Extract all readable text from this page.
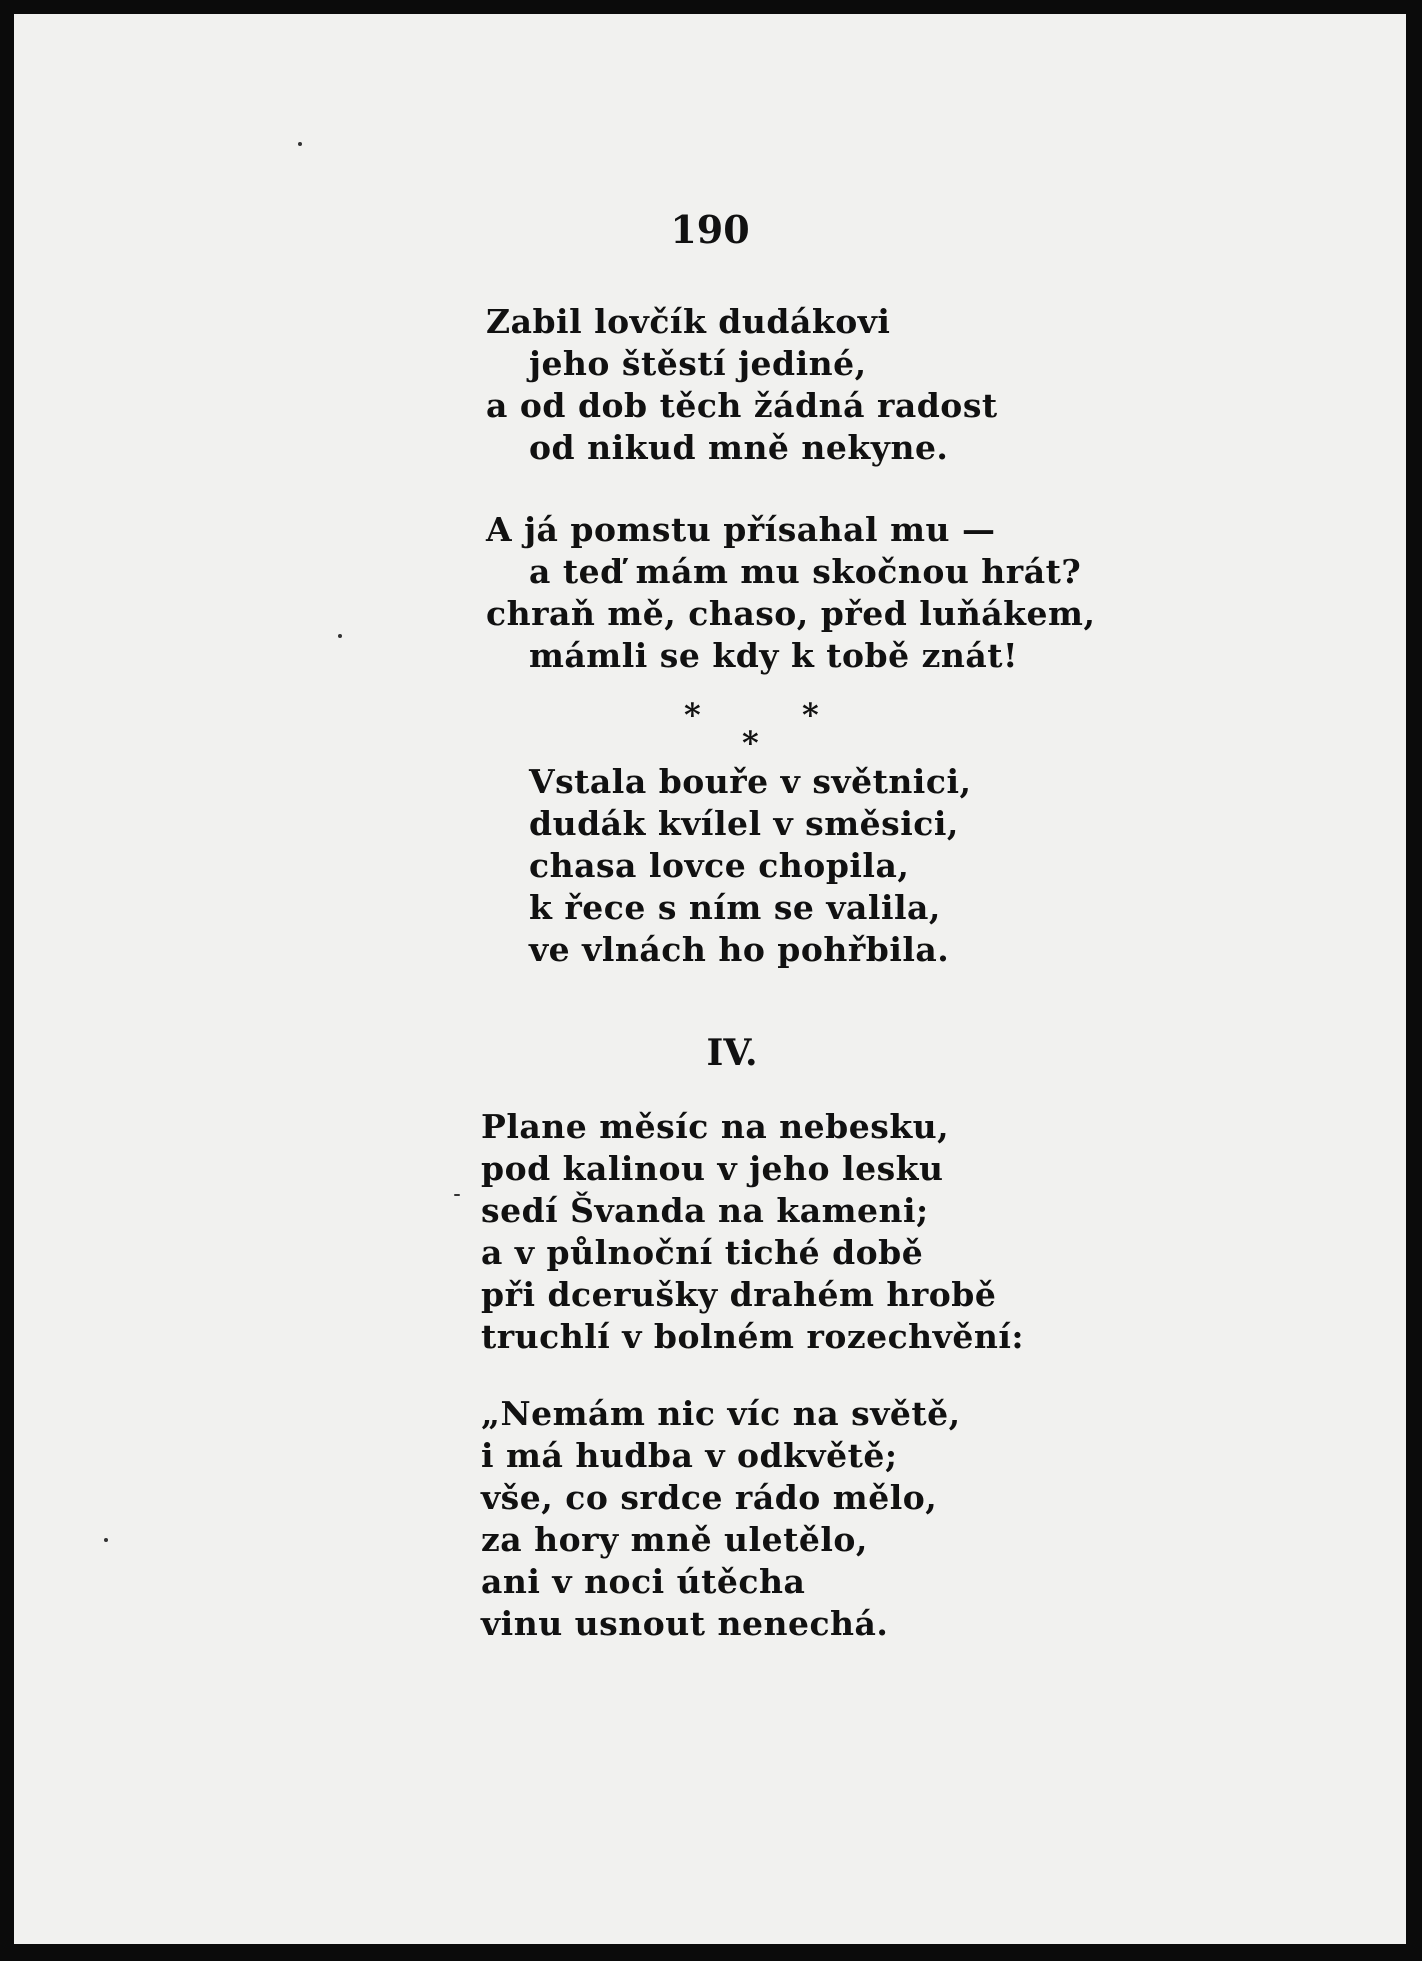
190
Zabil lovčík dudákovi
jeho štěstí jediné,
a od dob těch žádná radost
od nikud mně nekyne.
A já pomstu přísahal mu —
a teď mám mu skočnou hrát?
chraň mě, chaso, před luňákem,
mámli se kdy k tobě znát!
*	*
*
Vstala bouře v světnici,
dudák kvílel v směsici,
chasa lovce chopila,
k řece s ním se valila,
ve vlnách ho pohřbila.
IV.
Plane měsíc na nebesku,
pod kalinou v jeho lesku
sedí Švanda na kameni;
a v půlnoční tiché době
při dcerušky drahém hrobě
truchlí v bolném rozechvění:
„Nemám nic víc na světě,
i má hudba v odkvětě;
vše, co srdce rádo mělo,
za hory mně uletělo,
ani v noci útěcha
vinu usnout nenechá.
